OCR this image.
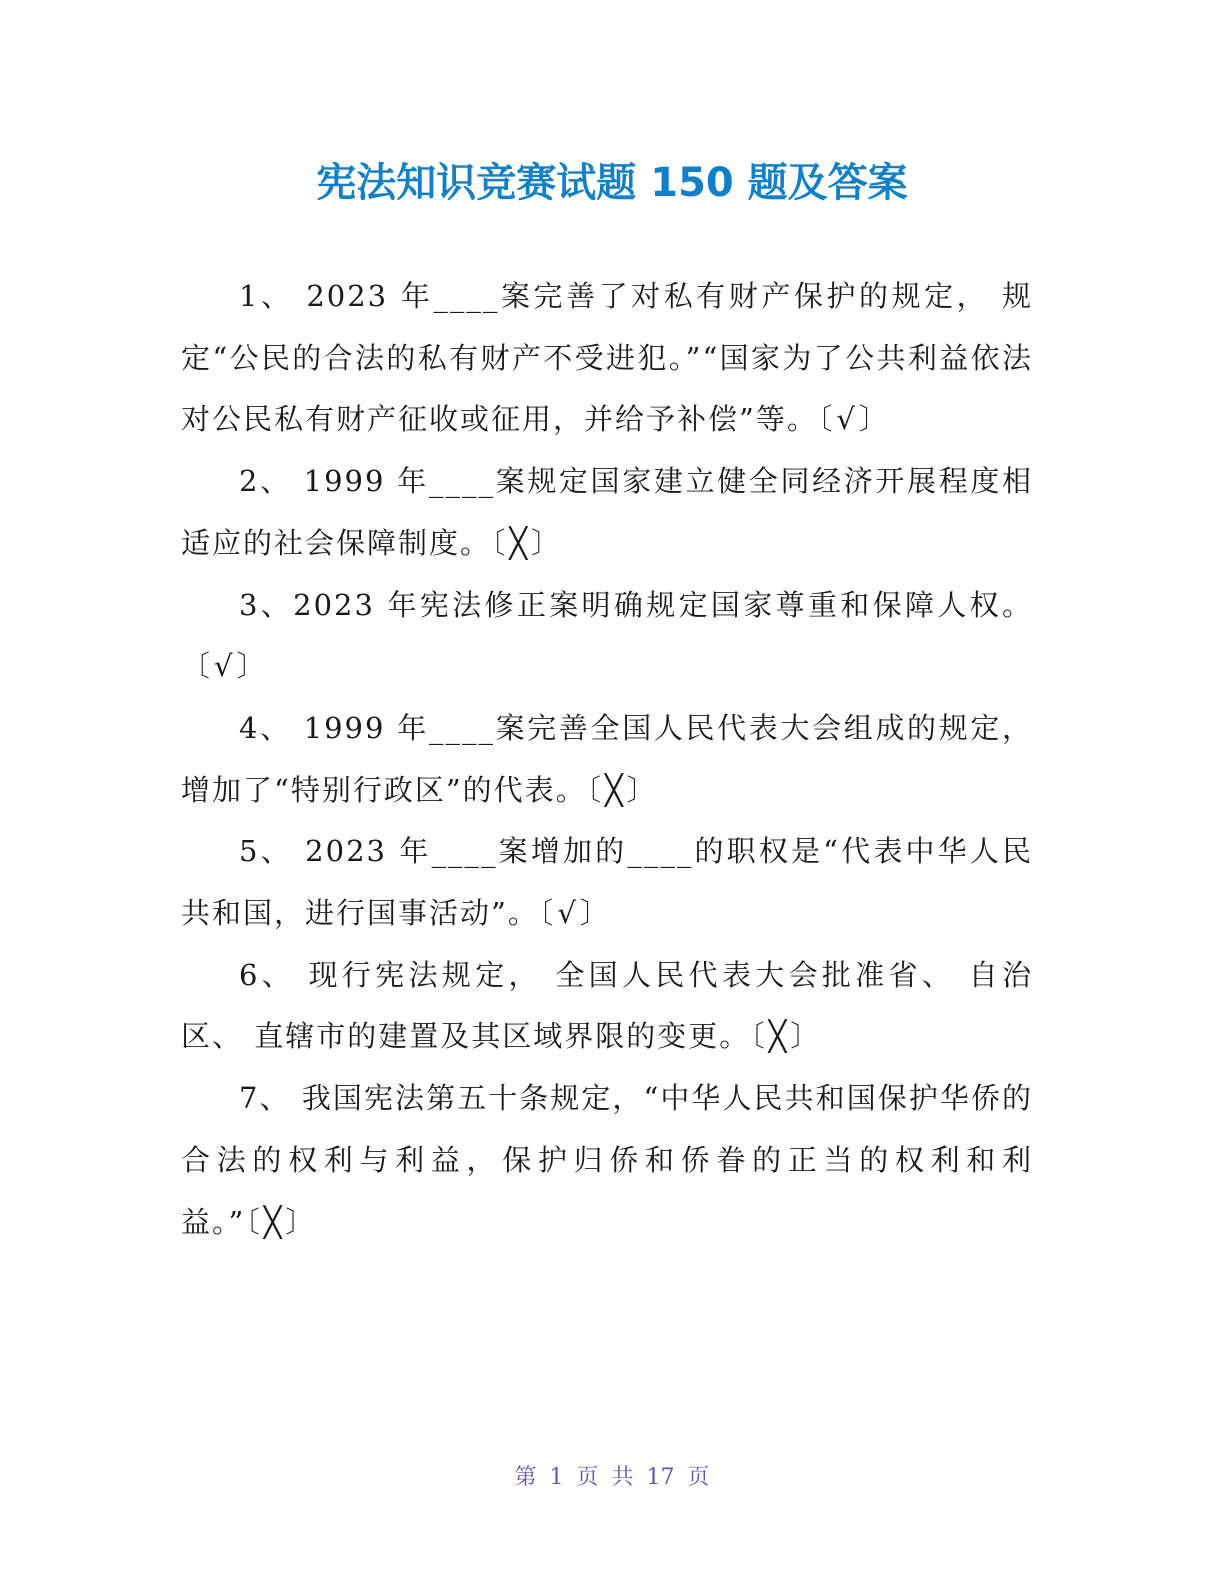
宪法知识竞赛试题 150 题及答案

1、 2023 年____案完善了对私有财产保护的规定， 规定“公民的合法的私有财产不受进犯。”“国家为了公共利益依法对公民私有财产征收或征用，并给予补偿”等。〔√〕

2、 1999 年____案规定国家建立健全同经济开展程度相适应的社会保障制度。〔╳〕

3、2023 年宪法修正案明确规定国家尊重和保障人权。〔√〕

4、 1999 年____案完善全国人民代表大会组成的规定，增加了“特别行政区”的代表。〔╳〕

5、 2023 年____案增加的____的职权是“代表中华人民共和国，进行国事活动”。〔√〕

6、 现行宪法规定， 全国人民代表大会批准省、 自治区、 直辖市的建置及其区域界限的变更。〔╳〕

7、 我国宪法第五十条规定，“中华人民共和国保护华侨的合法的权利与利益，保护归侨和侨眷的正当的权利和利益。”〔╳〕

第 1 页 共 17 页
